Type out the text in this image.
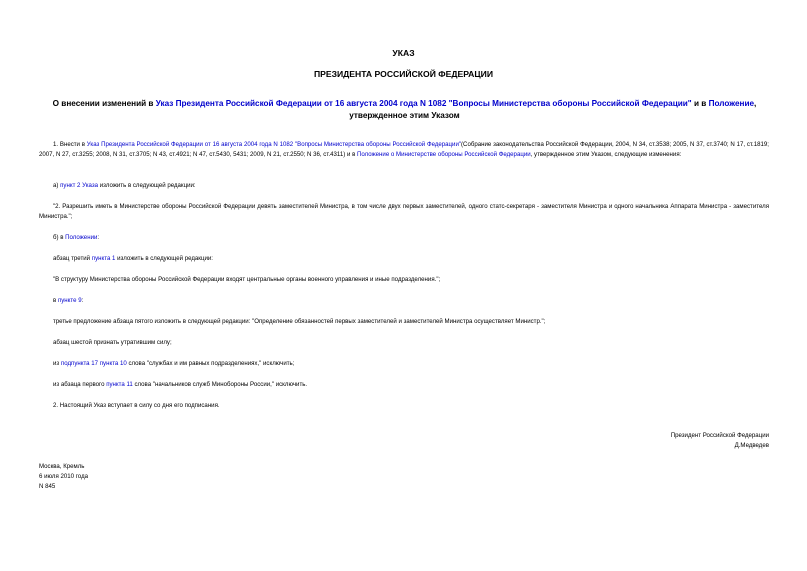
УКАЗ
ПРЕЗИДЕНТА РОССИЙСКОЙ ФЕДЕРАЦИИ
О внесении изменений в Указ Президента Российской Федерации от 16 августа 2004 года N 1082 "Вопросы Министерства обороны Российской Федерации" и в Положение, утвержденное этим Указом
1. Внести в Указ Президента Российской Федерации от 16 августа 2004 года N 1082 "Вопросы Министерства обороны Российской Федерации"(Собрание законодательства Российской Федерации, 2004, N 34, ст.3538; 2005, N 37, ст.3740; N 17, ст.1819; 2007, N 27, ст.3255; 2008, N 31, ст.3705; N 43, ст.4921; N 47, ст.5430, 5431; 2009, N 21, ст.2550; N 36, ст.4311) и в Положение о Министерстве обороны Российской Федерации, утвержденное этим Указом, следующие изменения:
а) пункт 2 Указа изложить в следующей редакции:
"2. Разрешить иметь в Министерстве обороны Российской Федерации девять заместителей Министра, в том числе двух первых заместителей, одного статс-секретаря - заместителя Министра и одного начальника Аппарата Министра - заместителя Министра.";
б) в Положении:
абзац третий пункта 1 изложить в следующей редакции:
"В структуру Министерства обороны Российской Федерации входят центральные органы военного управления и иные подразделения.";
в пункте 9:
третье предложение абзаца пятого изложить в следующей редакции: "Определение обязанностей первых заместителей и заместителей Министра осуществляет Министр.";
абзац шестой признать утратившим силу;
из подпункта 17 пункта 10 слова "службах и им равных подразделениях," исключить;
из абзаца первого пункта 11 слова "начальников служб Минобороны России," исключить.
2. Настоящий Указ вступает в силу со дня его подписания.
Президент Российской Федерации
Д.Медведев
Москва, Кремль
6 июля 2010 года
N 845
